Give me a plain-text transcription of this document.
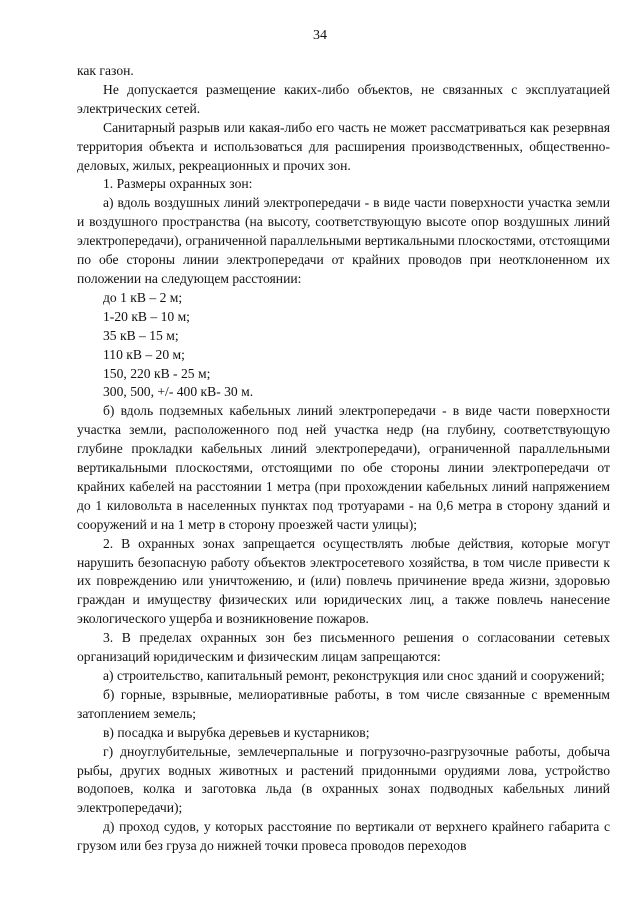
34

как газон.

Не допускается размещение каких-либо объектов, не связанных с эксплуатацией электрических сетей.

Санитарный разрыв или какая-либо его часть не может рассматриваться как резервная территория объекта и использоваться для расширения производственных, общественно-деловых, жилых, рекреационных и прочих зон.

1. Размеры охранных зон:

а) вдоль воздушных линий электропередачи - в виде части поверхности участка земли и воздушного пространства (на высоту, соответствующую высоте опор воздушных линий электропередачи), ограниченной параллельными вертикальными плоскостями, отстоящими по обе стороны линии электропередачи от крайних проводов при неотклоненном их положении на следующем расстоянии:

до 1 кВ – 2 м;

1-20 кВ – 10 м;

35 кВ – 15 м;

110 кВ – 20 м;

150, 220 кВ - 25 м;

300, 500, +/- 400 кВ- 30 м.

б) вдоль подземных кабельных линий электропередачи - в виде части поверхности участка земли, расположенного под ней участка недр (на глубину, соответствующую глубине прокладки кабельных линий электропередачи), ограниченной параллельными вертикальными плоскостями, отстоящими по обе стороны линии электропередачи от крайних кабелей на расстоянии 1 метра (при прохождении кабельных линий напряжением до 1 киловольта в населенных пунктах под тротуарами - на 0,6 метра в сторону зданий и сооружений и на 1 метр в сторону проезжей части улицы);

2. В охранных зонах запрещается осуществлять любые действия, которые могут нарушить безопасную работу объектов электросетевого хозяйства, в том числе привести к их повреждению или уничтожению, и (или) повлечь причинение вреда жизни, здоровью граждан и имуществу физических или юридических лиц, а также повлечь нанесение экологического ущерба и возникновение пожаров.

3. В пределах охранных зон без письменного решения о согласовании сетевых организаций юридическим и физическим лицам запрещаются:

а) строительство, капитальный ремонт, реконструкция или снос зданий и сооружений;

б) горные, взрывные, мелиоративные работы, в том числе связанные с временным затоплением земель;

в) посадка и вырубка деревьев и кустарников;

г) дноуглубительные, землечерпальные и погрузочно-разгрузочные работы, добыча рыбы, других водных животных и растений придонными орудиями лова, устройство водопоев, колка и заготовка льда (в охранных зонах подводных кабельных линий электропередачи);

д) проход судов, у которых расстояние по вертикали от верхнего крайнего габарита с грузом или без груза до нижней точки провеса проводов переходов
